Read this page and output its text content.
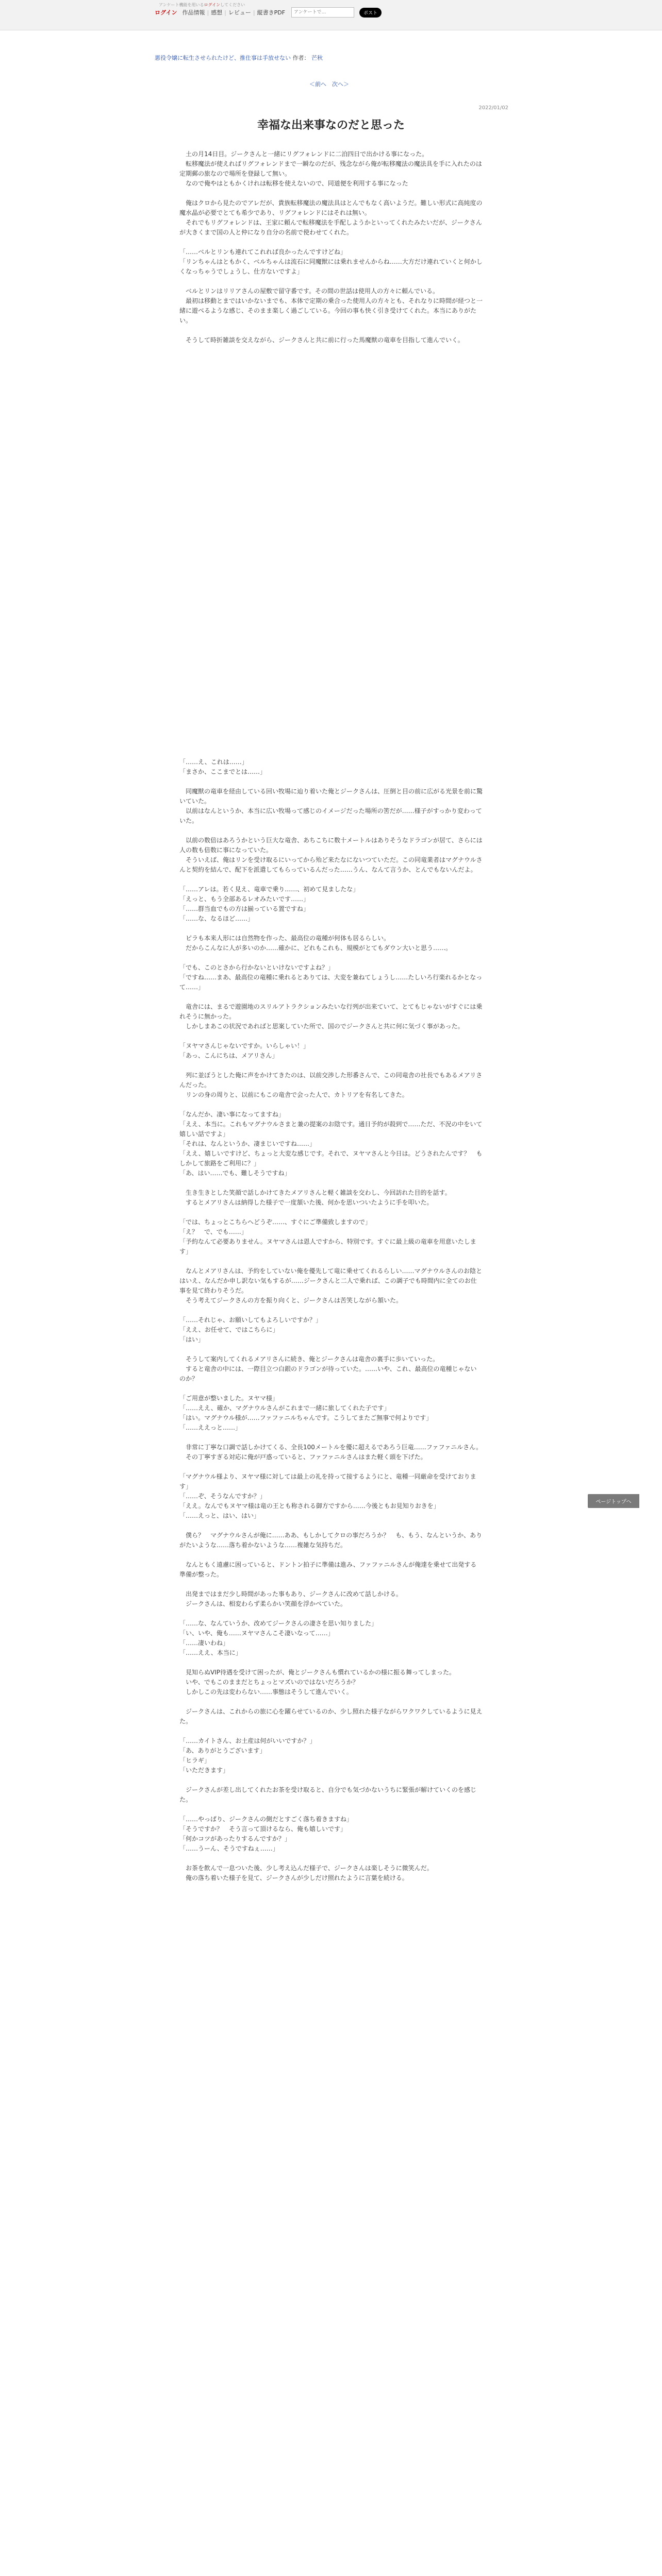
アンケート機能を用いるログインしてください
ログイン 作品情報 | 感想 | レビュー | 縦書きPDF
アンケートで…	ポスト
悪役令嬢に転生させられたけど、推仕事は手放せない 作者： 芒秋
＜前へ　 次へ＞
2022/01/02
幸福な出来事なのだと思った

　土の月14日目。ジークさんと一緒にリグフォレンドに二泊四日で出かける事になった。
　転移魔法が使えればリグフォレンドまで一瞬なのだが、残念ながら俺が転移魔法の魔法具を手に入れたのは定期郵の旅なので場所を登録して無い。
　なので俺やはともかくけれは転移を使えないので、同道便を利用する事になった

　俺はクロから見たのでアレだが、貴族転移魔法の魔法具はとんでもなく高いようだ。難しい形式に高純度の魔水晶が必要でとても希少であり、リグフォレンドにはそれは無い。
　それでもリグフォレンドは、王家に頼んで転移魔法を手配しようかといってくれたみたいだが、ジークさんが大きくまで国の人と仲になり自分の名前で使わせてくれた。

「……ベルとリンも連れてこれれば良かったんですけどね」
「リンちゃんはともかく、ベルちゃんは流石に同魔獣には乗れませんからね……大方だけ連れていくと何かしくなっちゃうでしょうし、仕方ないですよ」

　ベルとリンはリリアさんの屋敷で留守番です。その間の世話は使用人の方々に頼んでいる。
　最初は移動とまではいかないまでも、本体で定期の乗合った使用人の方々とも、それなりに時間が経つと一緒に遊べるような感じ、そのまま楽しく過ごしている。今回の事も快く引き受けてくれた。本当にありがたい。

　そうして時折雑談を交えながら、ジークさんと共に前に行った馬魔獣の竜車を目指して進んでいく。

「……え、これは……」
「まさか、ここまでとは……」

　同魔獣の竜車を経由している回い牧場に辿り着いた俺とジークさんは、圧倒と目の前に広がる光景を前に驚いていた。
　以前はなんというか、本当に広い牧場って感じのイメージだった場所の筈だが……様子がすっかり変わっていた。

　以前の数倍はあろうかという巨大な竜舎、あちこちに数十メートルはありそうなドラゴンが居て、さらには人の数も倍数に事になっていた。
　そういえば、俺はリンを受け取るにいってから殆ど来たなにないつていただ。この同竜業者はマグナウルさんと契約を結んで、配下を派遣してもらっているんだった……うん、なんて言うか、とんでもないんだよ。

「……アレは。若く見え、竜車で乗り……、初めて見ましたな」
「えっと、もう全部あるレオみたいです……」
「……群当血でもの方は揃っている置ですね」
「……な、なるほど……」

　ピラも本来人形には自然物を作った、最高位の竜種が何体も居るらしい。
　だからこんなに人が多いのか……確かに、どれもこれも、規模がとてもダウン大いと思う……。

「でも、このとさから行かないといけないですよね？」
「ですね……まあ、最高位の竜種に乗れるとありては、大変を兼ねてしょうし……たしいろ行楽れるかとなって……」

　竜舎には、まるで遊園地のスリルアトラクションみたいな行列が出来ていて、とてもじゃないがすぐには乗れそうに無かった。
　しかしまあこの状況であればと思案していた所で、国のでジークさんと共に何に気づく事があった。

「ヌヤマさんじゃないですか。いらしゃい！」
「あっ、こんにちは、メアリさん」

　列に並ぼうとした俺に声をかけてきたのは、以前交渉した形番さんで、この同竜舎の社長でもあるメアリさんだった。
　リンの身の周りと、以前にもこの竜舎で会った人で、カトリアを有名してきた。

「なんだか、凄い事になってますね」
「ええ、本当に。これもマグナウルさまと兼の提案のお陰です。通日予約が殺到で……ただ、不況の中をいて嬉しい話ですよ」
「それは、なんというか、凄まじいですね……」
「ええ、嬉しいですけど、ちょっと大変な感じです。それで、ヌヤマさんと今日は。どうされたんです？　もしかして旅路をご利用に？」
「あ、はい……でも、難しそうですね」

　生き生きとした笑顔で話しかけてきたメアリさんと軽く雑談を交わし、今回訪れた目的を話す。
　するとメアリさんは納得した様子で一度頷いた後、何かを思いついたように手を叩いた。

「では、ちょっとこちらへどうぞ……、すぐにご準備致しますので」
「え？　で、でも……」
「予約なんて必要ありません。ヌヤマさんは恩人ですから、特別です。すぐに最上級の竜車を用意いたします」

　なんとメアリさんは、予約をしていない俺を優先して竜に乗せてくれるらしい……マグナウルさんのお陰とはいえ、なんだか申し訳ない気もするが……ジークさんと二人で乗れば、この調子でも時間内に全てのお仕事を見て終わりそうだ。
　そう考えてジークさんの方を振り向くと、ジークさんは苦笑しながら頷いた。

「……それじゃ、お願いしてもよろしいですか？」
「ええ、お任せて、ではこちらに」
「はい」

　そうして案内してくれるメアリさんに続き、俺とジークさんは竜舎の裏手に歩いていった。
　すると竜舎の中には、一際目立つ白銀のドラゴンが待っていた。……いや、これ、最高位の竜種じゃないのか？

「ご用意が整いました。ヌヤマ様」
「……ええ、確か、マグナウルさんがこれまで一緒に旅してくれた子です」
「はい。マグナウル様が……ファファニルちゃんです。こうしてまたご無事で何よりです」
「……ええっと……」

　非常に丁寧な口調で話しかけてくる、全長100メートルを優に超えるであろう巨竜……ファファニルさん。
　その丁寧すぎる対応に俺が戸惑っていると、ファファニルさんはまた軽く頭を下げた。

「マグナウル様より、ヌヤマ様に対しては最上の礼を持って接するようにと、竜種一同厳命を受けております」
「……ぞ、そうなんですか？」
「ええ。なんでもヌヤマ様は竜の王とも称される御方ですから……今後ともお見知りおきを」
「……えっと、はい、はい」

　僕ら？　マグナウルさんが俺に……ああ、もしかしてクロの事だろうか？　も、もう、なんというか、ありがたいような……落ち着かないような……複雑な気持ちだ。

　なんともく遠慮に困っていると、ドントン拍子に準備は進み、ファファニルさんが俺達を乗せて出発する準備が整った。

　出発まではまだ少し時間があった事もあり、ジークさんに改めて話しかける。
　ジークさんは、相変わらず柔らかい笑顔を浮かべていた。

「……な、なんていうか、改めてジークさんの凄さを思い知りました」
「い、いや、俺も……ヌヤマさんこそ凄いなって……」
「……凄いわね」
「……ええ、本当に」

　見知らぬVIP待遇を受けて困ったが、俺とジークさんも慣れているかの様に振る舞ってしまった。
　いや、でもこのままだとちょっとマズいのではないだろうか？
　しかしこの先は変わらない……事態はそうして進んでいく。

　ジークさんは、これからの旅に心を躍らせているのか、少し照れた様子ながらワクワクしているように見えた。

「……カイトさん、お土産は何がいいですか？」
「あ、ありがとうございます」
「ヒラギ」
「いただきます」

　ジークさんが差し出してくれたお茶を受け取ると、自分でも気づかないうちに緊張が解けていくのを感じた。

「……やっぱり、ジークさんの側だとすごく落ち着きますね」
「そうですか？　そう言って頂けるなら、俺も嬉しいです」
「何かコツがあったりするんですか？」
「……うーん、そうですねぇ……」

　お茶を飲んで一息ついた後、少し考え込んだ様子で、ジークさんは楽しそうに微笑んだ。
　俺の落ち着いた様子を見て、ジークさんが少しだけ照れたように言葉を続ける。

ページトップへ
